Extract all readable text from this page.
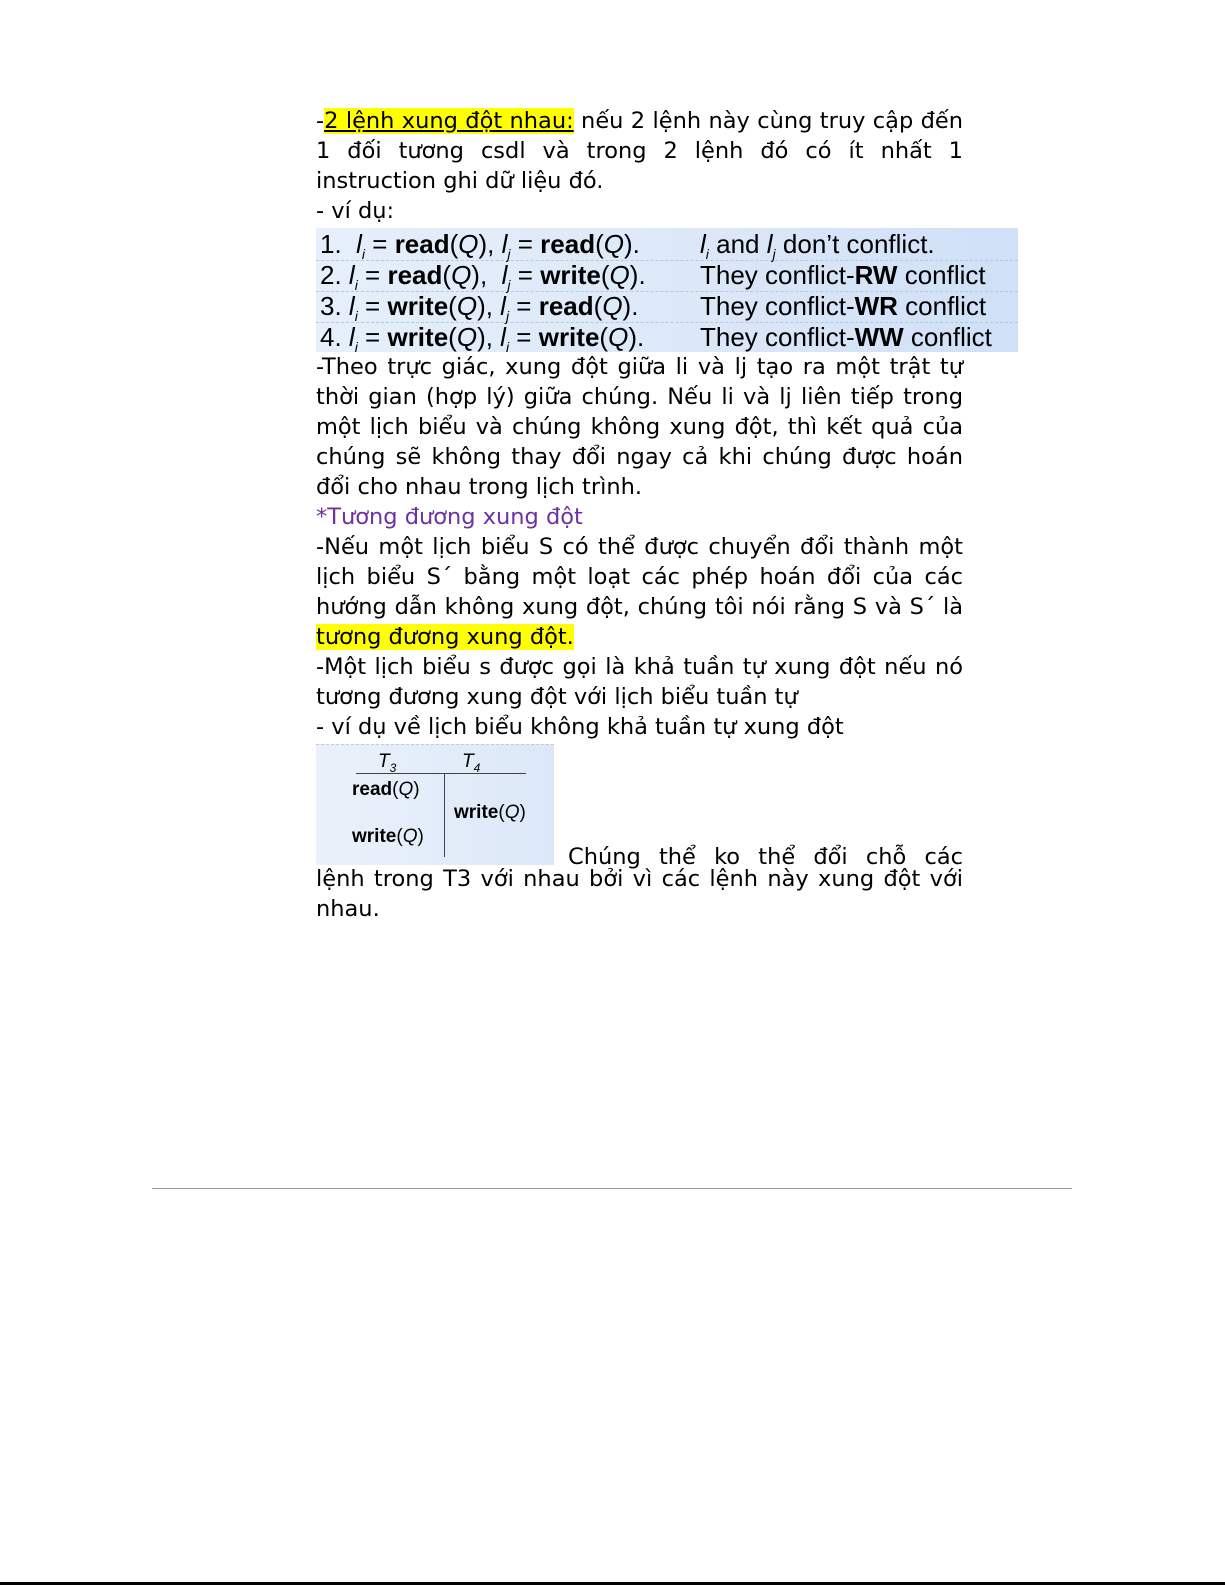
-2 lệnh xung đột nhau: nếu 2 lệnh này cùng truy cập đến 1 đối tương csdl và trong 2 lệnh đó có ít nhất 1 instruction ghi dữ liệu đó.

- ví dụ:

1. $l_i$ = read(Q), $l_j$ = read(Q). $l_i$ and $l_j$ don’t conflict.
2. $l_i$ = read(Q),  $l_j$ = write(Q). They conflict-RW conflict
3. $l_i$ = write(Q), $l_j$ = read(Q). They conflict-WR conflict
4. $l_i$ = write(Q), $l_i$ = write(Q). They conflict-WW conflict

-Theo trực giác, xung đột giữa li và lj tạo ra một trật tự thời gian (hợp lý) giữa chúng. Nếu li và lj liên tiếp trong một lịch biểu và chúng không xung đột, thì kết quả của chúng sẽ không thay đổi ngay cả khi chúng được hoán đổi cho nhau trong lịch trình.

*Tương đương xung đột

-Nếu một lịch biểu S có thể được chuyển đổi thành một lịch biểu S´ bằng một loạt các phép hoán đổi của các hướng dẫn không xung đột, chúng tôi nói rằng S và S´ là tương đương xung đột.

-Một lịch biểu s được gọi là khả tuần tự xung đột nếu nó tương đương xung đột với lịch biểu tuần tự

- ví dụ về lịch biểu không khả tuần tự xung đột

$T_3$	$T_4$
read(Q)
write(Q)
write(Q)
Chúng thể ko thể đổi chỗ các

lệnh trong T3 với nhau bởi vì các lệnh này xung đột với nhau.
